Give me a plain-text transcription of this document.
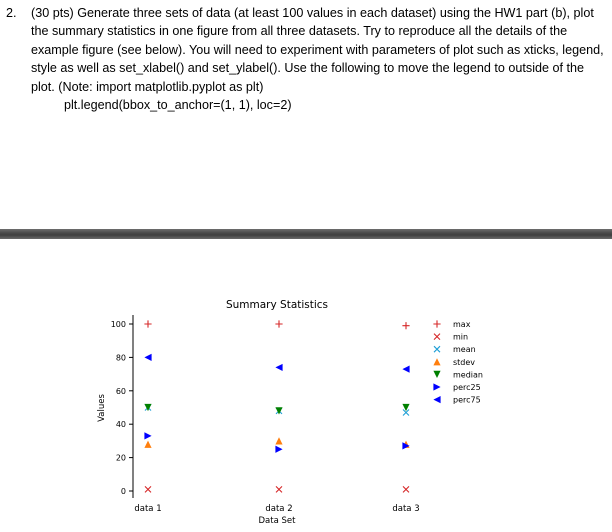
2. (30 pts) Generate three sets of data (at least 100 values in each dataset) using the HW1 part (b), plot the summary statistics in one figure from all three datasets. Try to reproduce all the details of the example figure (see below). You will need to experiment with parameters of plot such as xticks, legend, style as well as set_xlabel() and set_ylabel(). Use the following to move the legend to outside of the plot. (Note: import matplotlib.pyplot as plt)
plt.legend(bbox_to_anchor=(1, 1), loc=2)
Summary Statistics
0
20
40
60
80
100
data 1	data 2	data 3
Data Set
Values
max
min
mean
stdev
median
perc25
perc75
